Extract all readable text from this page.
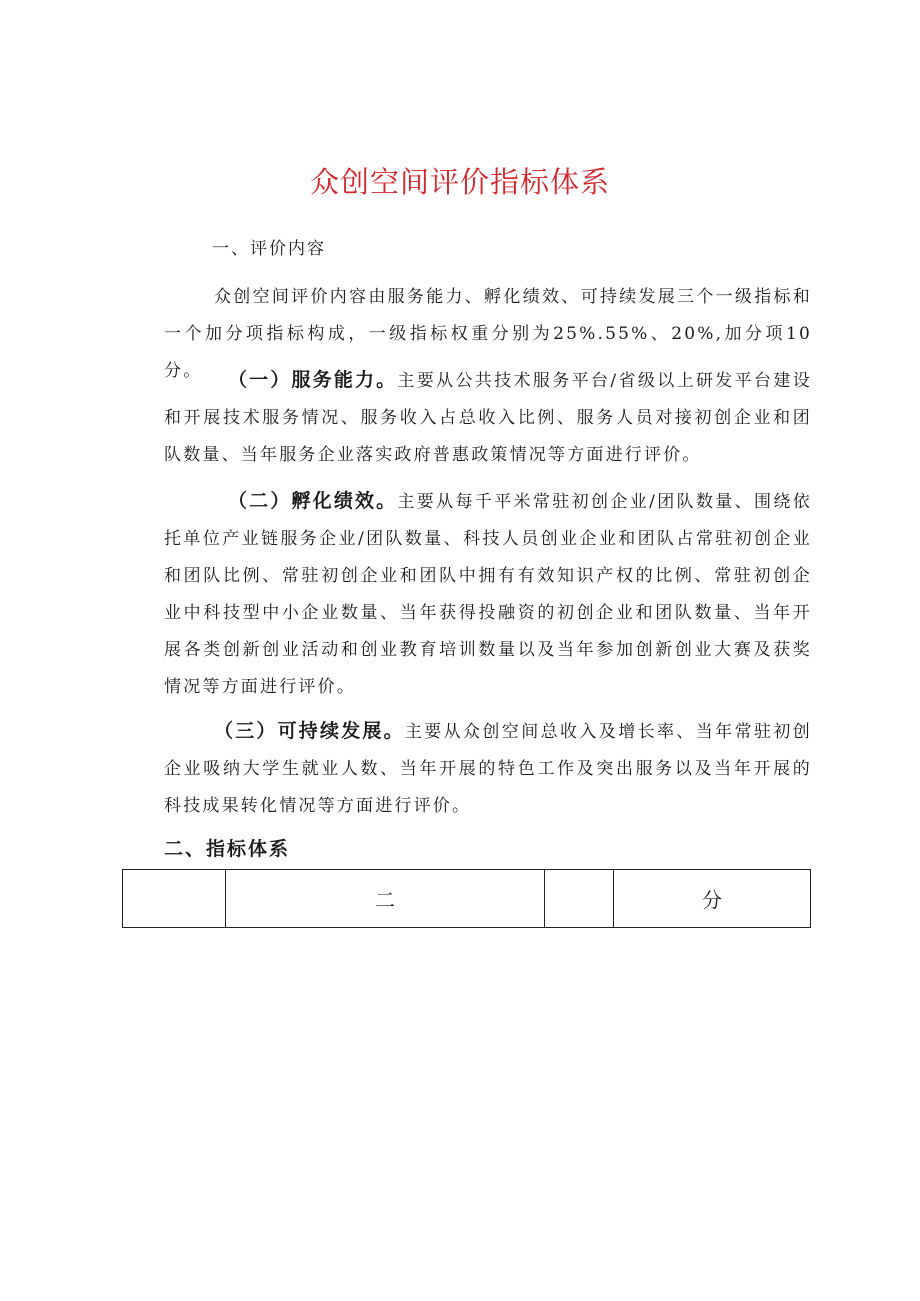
众创空间评价指标体系
一、评价内容

众创空间评价内容由服务能力、孵化绩效、可持续发展三个一级指标和一个加分项指标构成，一级指标权重分别为25%.55%、20%,加分项10分。	（一）服务能力。主要从公共技术服务平台/省级以上研发平台建设和开展技术服务情况、服务收入占总收入比例、服务人员对接初创企业和团队数量、当年服务企业落实政府普惠政策情况等方面进行评价。

（二）孵化绩效。主要从每千平米常驻初创企业/团队数量、围绕依托单位产业链服务企业/团队数量、科技人员创业企业和团队占常驻初创企业和团队比例、常驻初创企业和团队中拥有有效知识产权的比例、常驻初创企业中科技型中小企业数量、当年获得投融资的初创企业和团队数量、当年开展各类创新创业活动和创业教育培训数量以及当年参加创新创业大赛及获奖情况等方面进行评价。

（三）可持续发展。主要从众创空间总收入及增长率、当年常驻初创企业吸纳大学生就业人数、当年开展的特色工作及突出服务以及当年开展的科技成果转化情况等方面进行评价。

二、指标体系
	二		分
